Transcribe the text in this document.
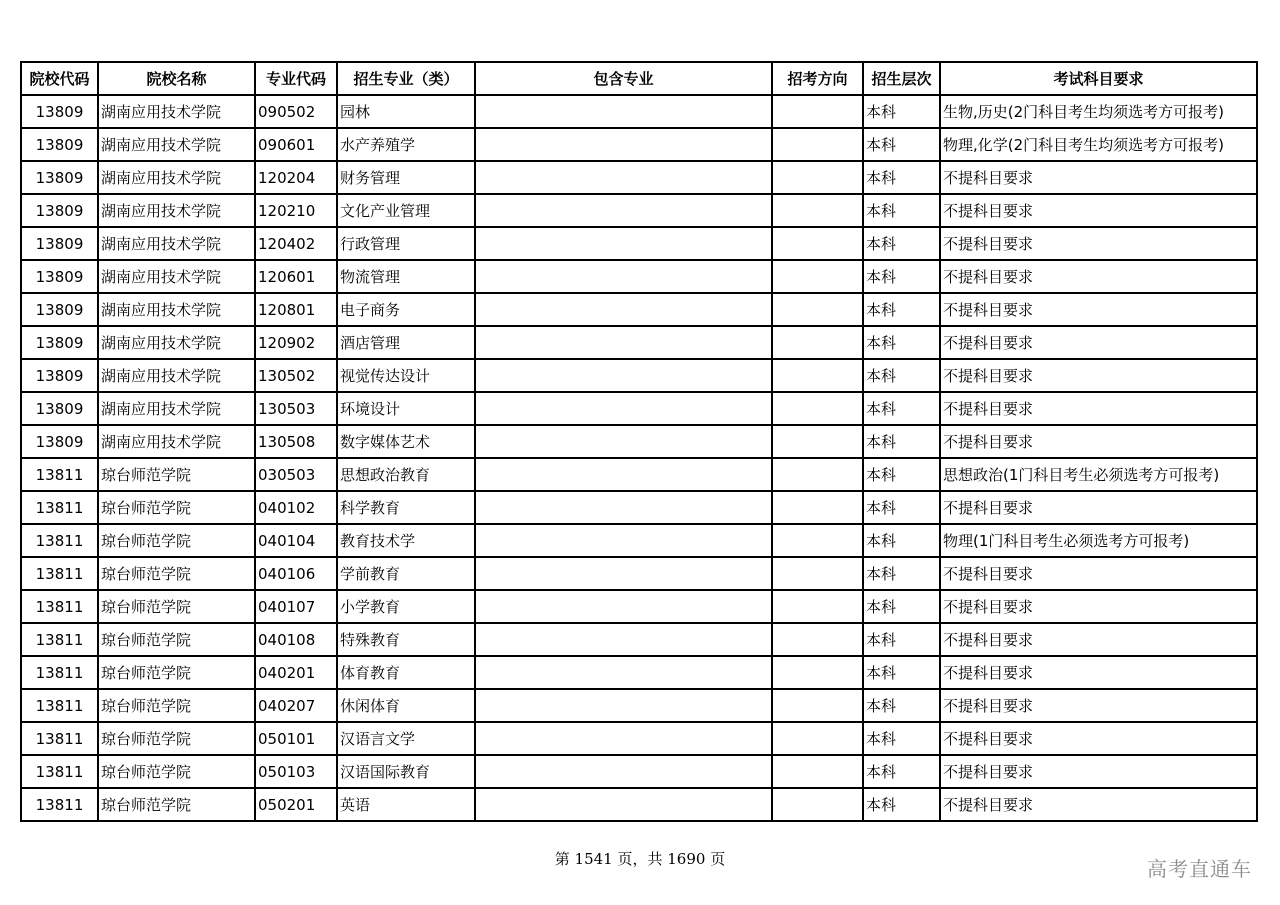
院校代码	院校名称	专业代码	招生专业（类）	包含专业	招考方向	招生层次	考试科目要求
13809	湖南应用技术学院	090502	园林			本科	生物,历史(2门科目考生均须选考方可报考)
13809	湖南应用技术学院	090601	水产养殖学			本科	物理,化学(2门科目考生均须选考方可报考)
13809	湖南应用技术学院	120204	财务管理			本科	不提科目要求
13809	湖南应用技术学院	120210	文化产业管理			本科	不提科目要求
13809	湖南应用技术学院	120402	行政管理			本科	不提科目要求
13809	湖南应用技术学院	120601	物流管理			本科	不提科目要求
13809	湖南应用技术学院	120801	电子商务			本科	不提科目要求
13809	湖南应用技术学院	120902	酒店管理			本科	不提科目要求
13809	湖南应用技术学院	130502	视觉传达设计			本科	不提科目要求
13809	湖南应用技术学院	130503	环境设计			本科	不提科目要求
13809	湖南应用技术学院	130508	数字媒体艺术			本科	不提科目要求
13811	琼台师范学院	030503	思想政治教育			本科	思想政治(1门科目考生必须选考方可报考)
13811	琼台师范学院	040102	科学教育			本科	不提科目要求
13811	琼台师范学院	040104	教育技术学			本科	物理(1门科目考生必须选考方可报考)
13811	琼台师范学院	040106	学前教育			本科	不提科目要求
13811	琼台师范学院	040107	小学教育			本科	不提科目要求
13811	琼台师范学院	040108	特殊教育			本科	不提科目要求
13811	琼台师范学院	040201	体育教育			本科	不提科目要求
13811	琼台师范学院	040207	休闲体育			本科	不提科目要求
13811	琼台师范学院	050101	汉语言文学			本科	不提科目要求
13811	琼台师范学院	050103	汉语国际教育			本科	不提科目要求
13811	琼台师范学院	050201	英语			本科	不提科目要求
第 1541 页，共 1690 页	高考直通车
